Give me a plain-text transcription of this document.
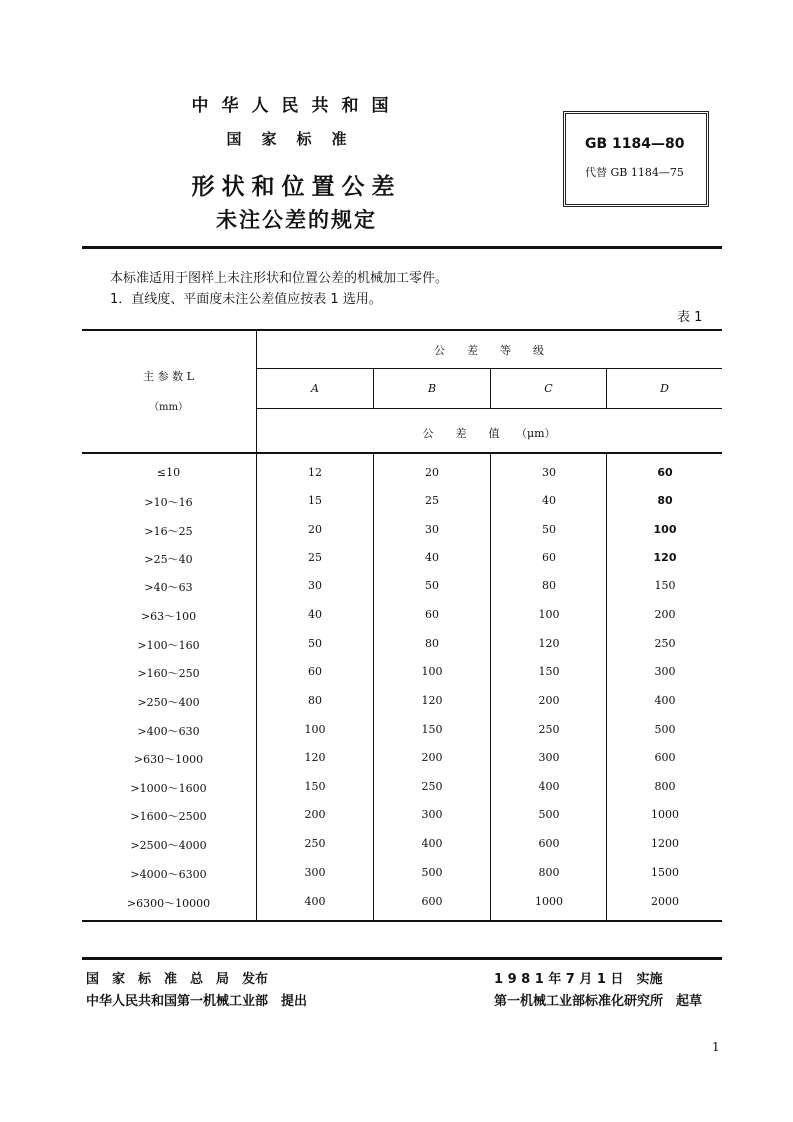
中华人民共和国
国家标准
形状和位置公差
未注公差的规定
GB 1184—80
代替 GB 1184—75
本标准适用于图样上未注形状和位置公差的机械加工零件。
1．直线度、平面度未注公差值应按表 1 选用。
表 1
主 参 数 L
（mm）
公　　差　　等　　级
A	B	C	D
公　　差　　值　　（μm）
≤10	12	20	30	60
>10～16	15	25	40	80
>16～25	20	30	50	100
>25～40	25	40	60	120
>40～63	30	50	80	150
>63～100	40	60	100	200
>100～160	50	80	120	250
>160～250	60	100	150	300
>250～400	80	120	200	400
>400～630	100	150	250	500
>630～1000	120	200	300	600
>1000～1600	150	250	400	800
>1600～2500	200	300	500	1000
>2500～4000	250	400	600	1200
>4000～6300	300	500	800	1500
>6300～10000	400	600	1000	2000
国　家　标　准　总　局　发布
中华人民共和国第一机械工业部　提出
1 9 8 1 年 7 月 1 日　实施
第一机械工业部标准化研究所　起草
1
